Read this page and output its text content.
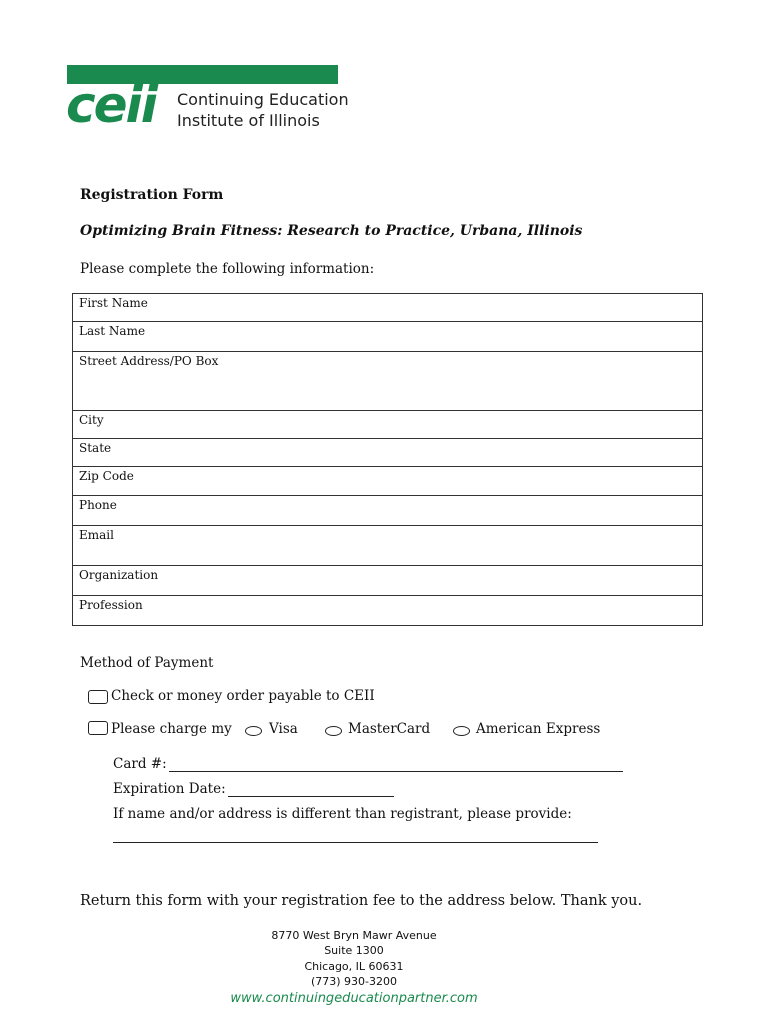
ceii Continuing Education
Institute of Illinois
Registration Form
Optimizing Brain Fitness: Research to Practice, Urbana, Illinois
Please complete the following information:
First Name
Last Name
Street Address/PO Box
City
State
Zip Code
Phone
Email
Organization
Profession
Method of Payment
Check or money order payable to CEII
Please charge my	Visa	MasterCard	American Express
Card #:
Expiration Date:
If name and/or address is different than registrant, please provide:
Return this form with your registration fee to the address below. Thank you.
8770 West Bryn Mawr Avenue
Suite 1300
Chicago, IL 60631
(773) 930-3200
www.continuingeducationpartner.com
